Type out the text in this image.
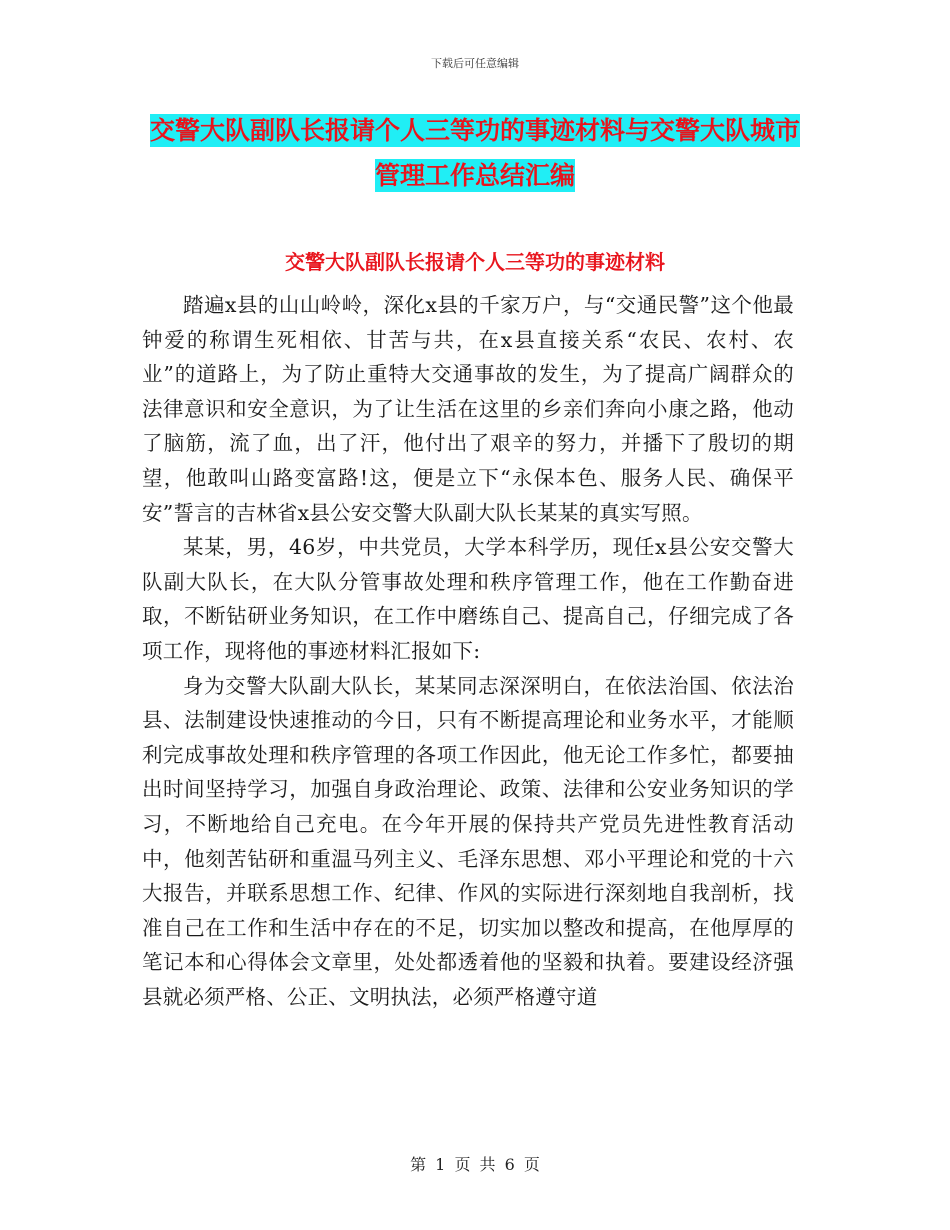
下载后可任意编辑
交警大队副队长报请个人三等功的事迹材料与交警大队城市管理工作总结汇编
交警大队副队长报请个人三等功的事迹材料

踏遍x县的山山岭岭，深化x县的千家万户，与“交通民警”这个他最钟爱的称谓生死相依、甘苦与共，在x县直接关系“农民、农村、农业”的道路上，为了防止重特大交通事故的发生，为了提高广阔群众的法律意识和安全意识，为了让生活在这里的乡亲们奔向小康之路，他动了脑筋，流了血，出了汗，他付出了艰辛的努力，并播下了殷切的期望，他敢叫山路变富路!这，便是立下“永保本色、服务人民、确保平安”誓言的吉林省x县公安交警大队副大队长某某的真实写照。

某某，男，46岁，中共党员，大学本科学历，现任x县公安交警大队副大队长，在大队分管事故处理和秩序管理工作，他在工作勤奋进取，不断钻研业务知识，在工作中磨练自己、提高自己，仔细完成了各项工作，现将他的事迹材料汇报如下:

身为交警大队副大队长，某某同志深深明白，在依法治国、依法治县、法制建设快速推动的今日，只有不断提高理论和业务水平，才能顺利完成事故处理和秩序管理的各项工作因此，他无论工作多忙，都要抽出时间坚持学习，加强自身政治理论、政策、法律和公安业务知识的学习，不断地给自己充电。在今年开展的保持共产党员先进性教育活动中，他刻苦钻研和重温马列主义、毛泽东思想、邓小平理论和党的十六大报告，并联系思想工作、纪律、作风的实际进行深刻地自我剖析，找准自己在工作和生活中存在的不足，切实加以整改和提高，在他厚厚的笔记本和心得体会文章里，处处都透着他的坚毅和执着。要建设经济强县就必须严格、公正、文明执法，必须严格遵守道

第 1 页 共 6 页
